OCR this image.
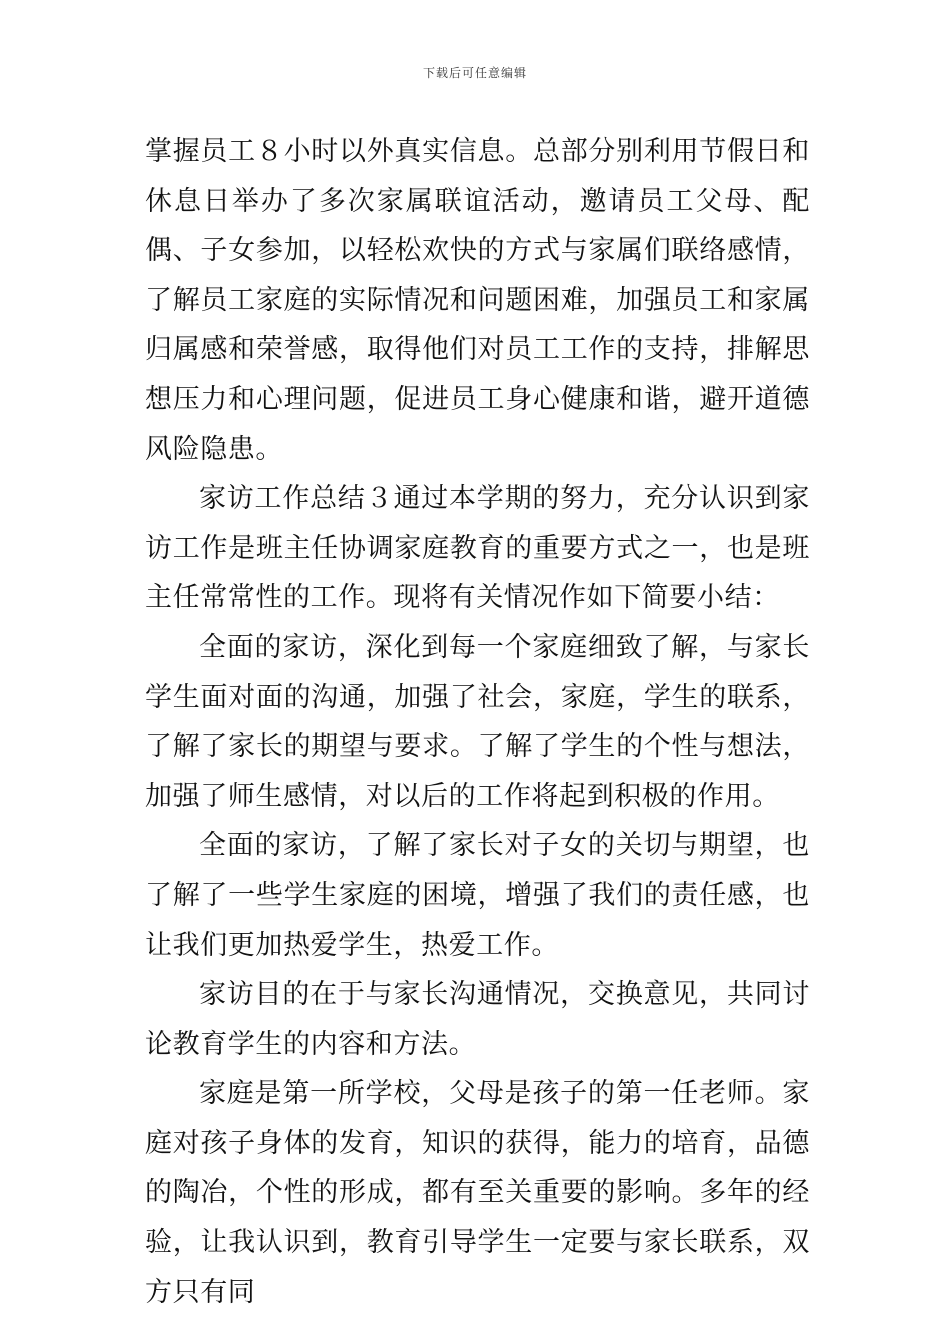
下载后可任意编辑

掌握员工８小时以外真实信息。总部分别利用节假日和休息日举办了多次家属联谊活动，邀请员工父母、配偶、子女参加，以轻松欢快的方式与家属们联络感情，了解员工家庭的实际情况和问题困难，加强员工和家属归属感和荣誉感，取得他们对员工工作的支持，排解思想压力和心理问题，促进员工身心健康和谐，避开道德风险隐患。

家访工作总结３通过本学期的努力，充分认识到家访工作是班主任协调家庭教育的重要方式之一，也是班主任常常性的工作。现将有关情况作如下简要小结：

全面的家访，深化到每一个家庭细致了解，与家长学生面对面的沟通，加强了社会，家庭，学生的联系，了解了家长的期望与要求。了解了学生的个性与想法，加强了师生感情，对以后的工作将起到积极的作用。

全面的家访，了解了家长对子女的关切与期望，也了解了一些学生家庭的困境，增强了我们的责任感，也让我们更加热爱学生，热爱工作。

家访目的在于与家长沟通情况，交换意见，共同讨论教育学生的内容和方法。

家庭是第一所学校，父母是孩子的第一任老师。家庭对孩子身体的发育，知识的获得，能力的培育，品德的陶冶，个性的形成，都有至关重要的影响。多年的经验，让我认识到，教育引导学生一定要与家长联系，双方只有同
